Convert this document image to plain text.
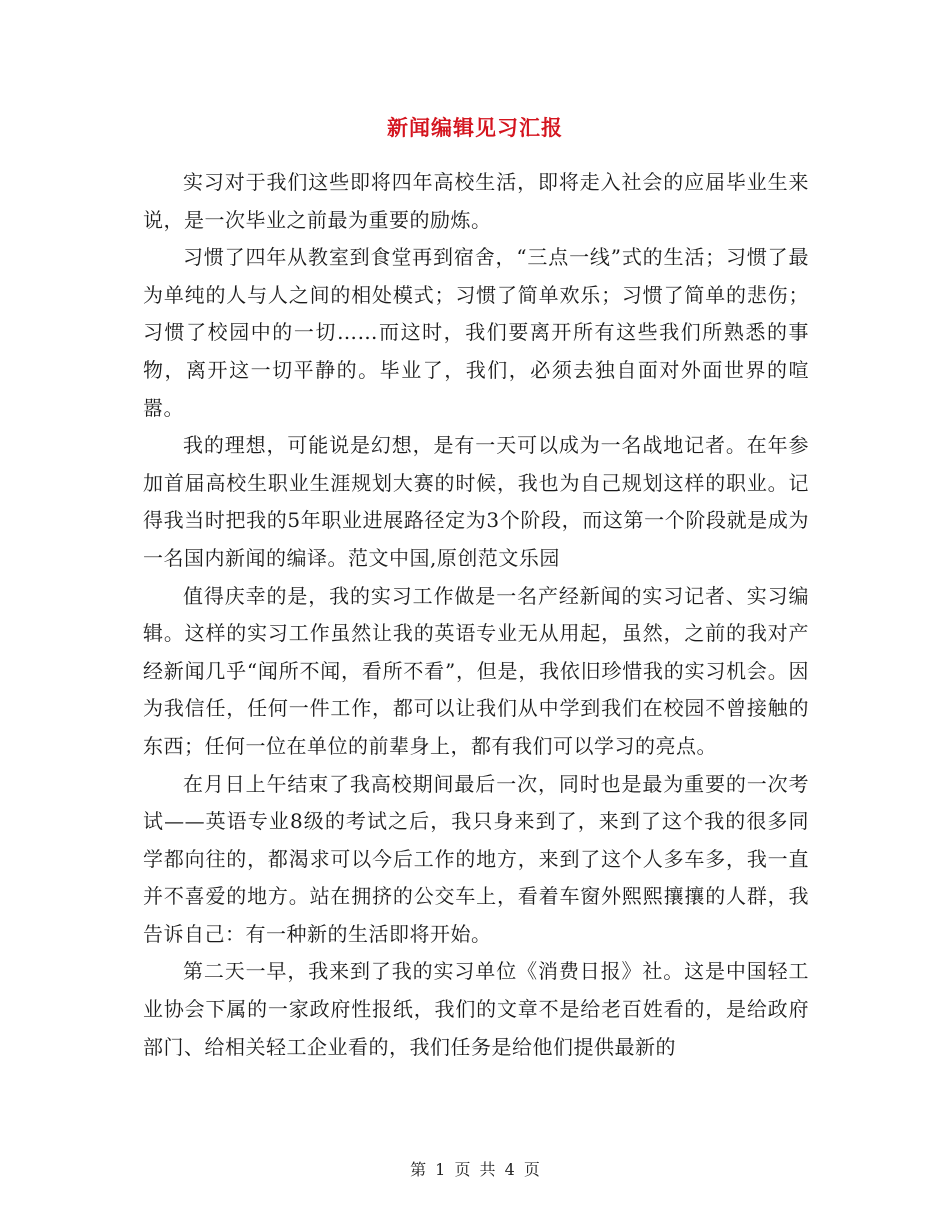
新闻编辑见习汇报

实习对于我们这些即将四年高校生活，即将走入社会的应届毕业生来说，是一次毕业之前最为重要的励炼。

习惯了四年从教室到食堂再到宿舍，“三点一线”式的生活；习惯了最为单纯的人与人之间的相处模式；习惯了简单欢乐；习惯了简单的悲伤；习惯了校园中的一切……而这时，我们要离开所有这些我们所熟悉的事物，离开这一切平静的。毕业了，我们，必须去独自面对外面世界的喧嚣。

我的理想，可能说是幻想，是有一天可以成为一名战地记者。在年参加首届高校生职业生涯规划大赛的时候，我也为自己规划这样的职业。记得我当时把我的5年职业进展路径定为3个阶段，而这第一个阶段就是成为一名国内新闻的编译。范文中国,原创范文乐园

值得庆幸的是，我的实习工作做是一名产经新闻的实习记者、实习编辑。这样的实习工作虽然让我的英语专业无从用起，虽然，之前的我对产经新闻几乎“闻所不闻，看所不看”，但是，我依旧珍惜我的实习机会。因为我信任，任何一件工作，都可以让我们从中学到我们在校园不曾接触的东西；任何一位在单位的前辈身上，都有我们可以学习的亮点。

在月日上午结束了我高校期间最后一次，同时也是最为重要的一次考试——英语专业8级的考试之后，我只身来到了，来到了这个我的很多同学都向往的，都渴求可以今后工作的地方，来到了这个人多车多，我一直并不喜爱的地方。站在拥挤的公交车上，看着车窗外熙熙攘攘的人群，我告诉自己：有一种新的生活即将开始。

第二天一早，我来到了我的实习单位《消费日报》社。这是中国轻工业协会下属的一家政府性报纸，我们的文章不是给老百姓看的，是给政府部门、给相关轻工企业看的，我们任务是给他们提供最新的

第 1 页 共 4 页
